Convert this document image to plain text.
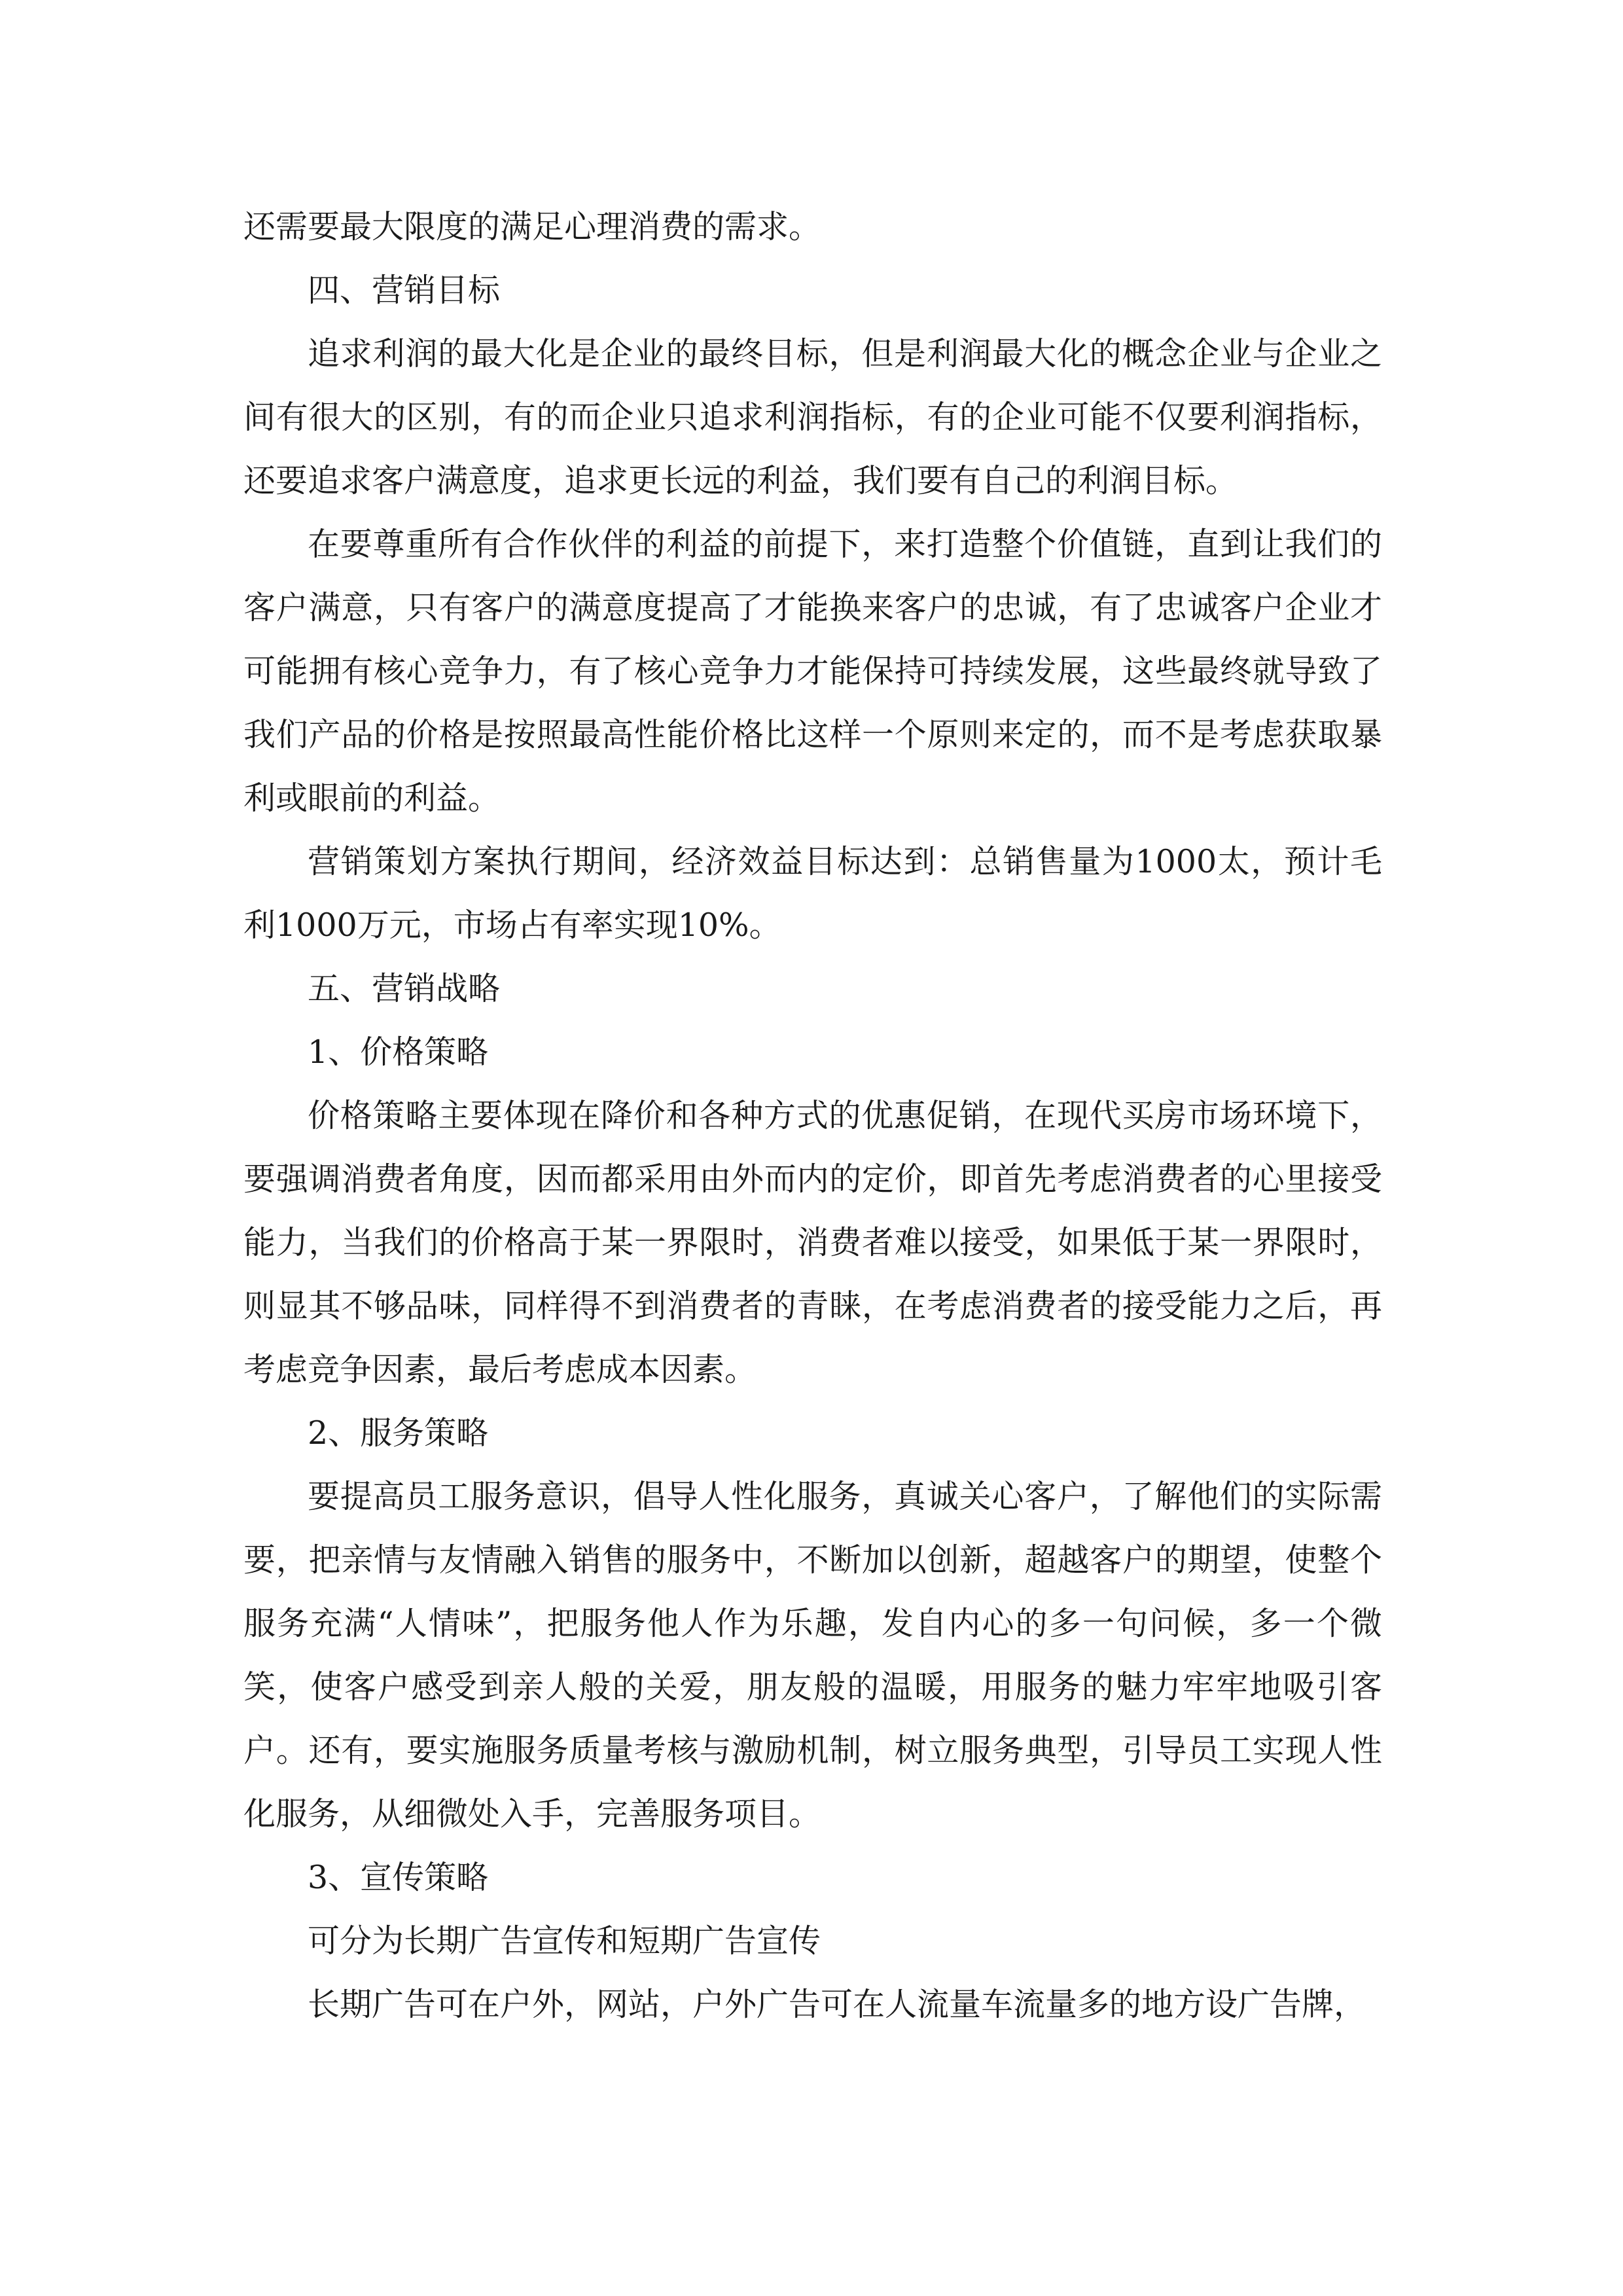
还需要最大限度的满足心理消费的需求。

四、营销目标

追求利润的最大化是企业的最终目标，但是利润最大化的概念企业与企业之间有很大的区别，有的而企业只追求利润指标，有的企业可能不仅要利润指标，还要追求客户满意度，追求更长远的利益，我们要有自己的利润目标。

在要尊重所有合作伙伴的利益的前提下，来打造整个价值链，直到让我们的客户满意，只有客户的满意度提高了才能换来客户的忠诚，有了忠诚客户企业才可能拥有核心竞争力，有了核心竞争力才能保持可持续发展，这些最终就导致了我们产品的价格是按照最高性能价格比这样一个原则来定的，而不是考虑获取暴利或眼前的利益。

营销策划方案执行期间，经济效益目标达到：总销售量为1000太，预计毛利1000万元，市场占有率实现10%。

五、营销战略

1、价格策略

价格策略主要体现在降价和各种方式的优惠促销，在现代买房市场环境下，要强调消费者角度，因而都采用由外而内的定价，即首先考虑消费者的心里接受能力，当我们的价格高于某一界限时，消费者难以接受，如果低于某一界限时，则显其不够品味，同样得不到消费者的青睐，在考虑消费者的接受能力之后，再考虑竞争因素，最后考虑成本因素。

2、服务策略

要提高员工服务意识，倡导人性化服务，真诚关心客户，了解他们的实际需要，把亲情与友情融入销售的服务中，不断加以创新，超越客户的期望，使整个服务充满“人情味”，把服务他人作为乐趣，发自内心的多一句问候，多一个微笑，使客户感受到亲人般的关爱，朋友般的温暖，用服务的魅力牢牢地吸引客户。还有，要实施服务质量考核与激励机制，树立服务典型，引导员工实现人性化服务，从细微处入手，完善服务项目。

3、宣传策略

可分为长期广告宣传和短期广告宣传

长期广告可在户外，网站，户外广告可在人流量车流量多的地方设广告牌，
